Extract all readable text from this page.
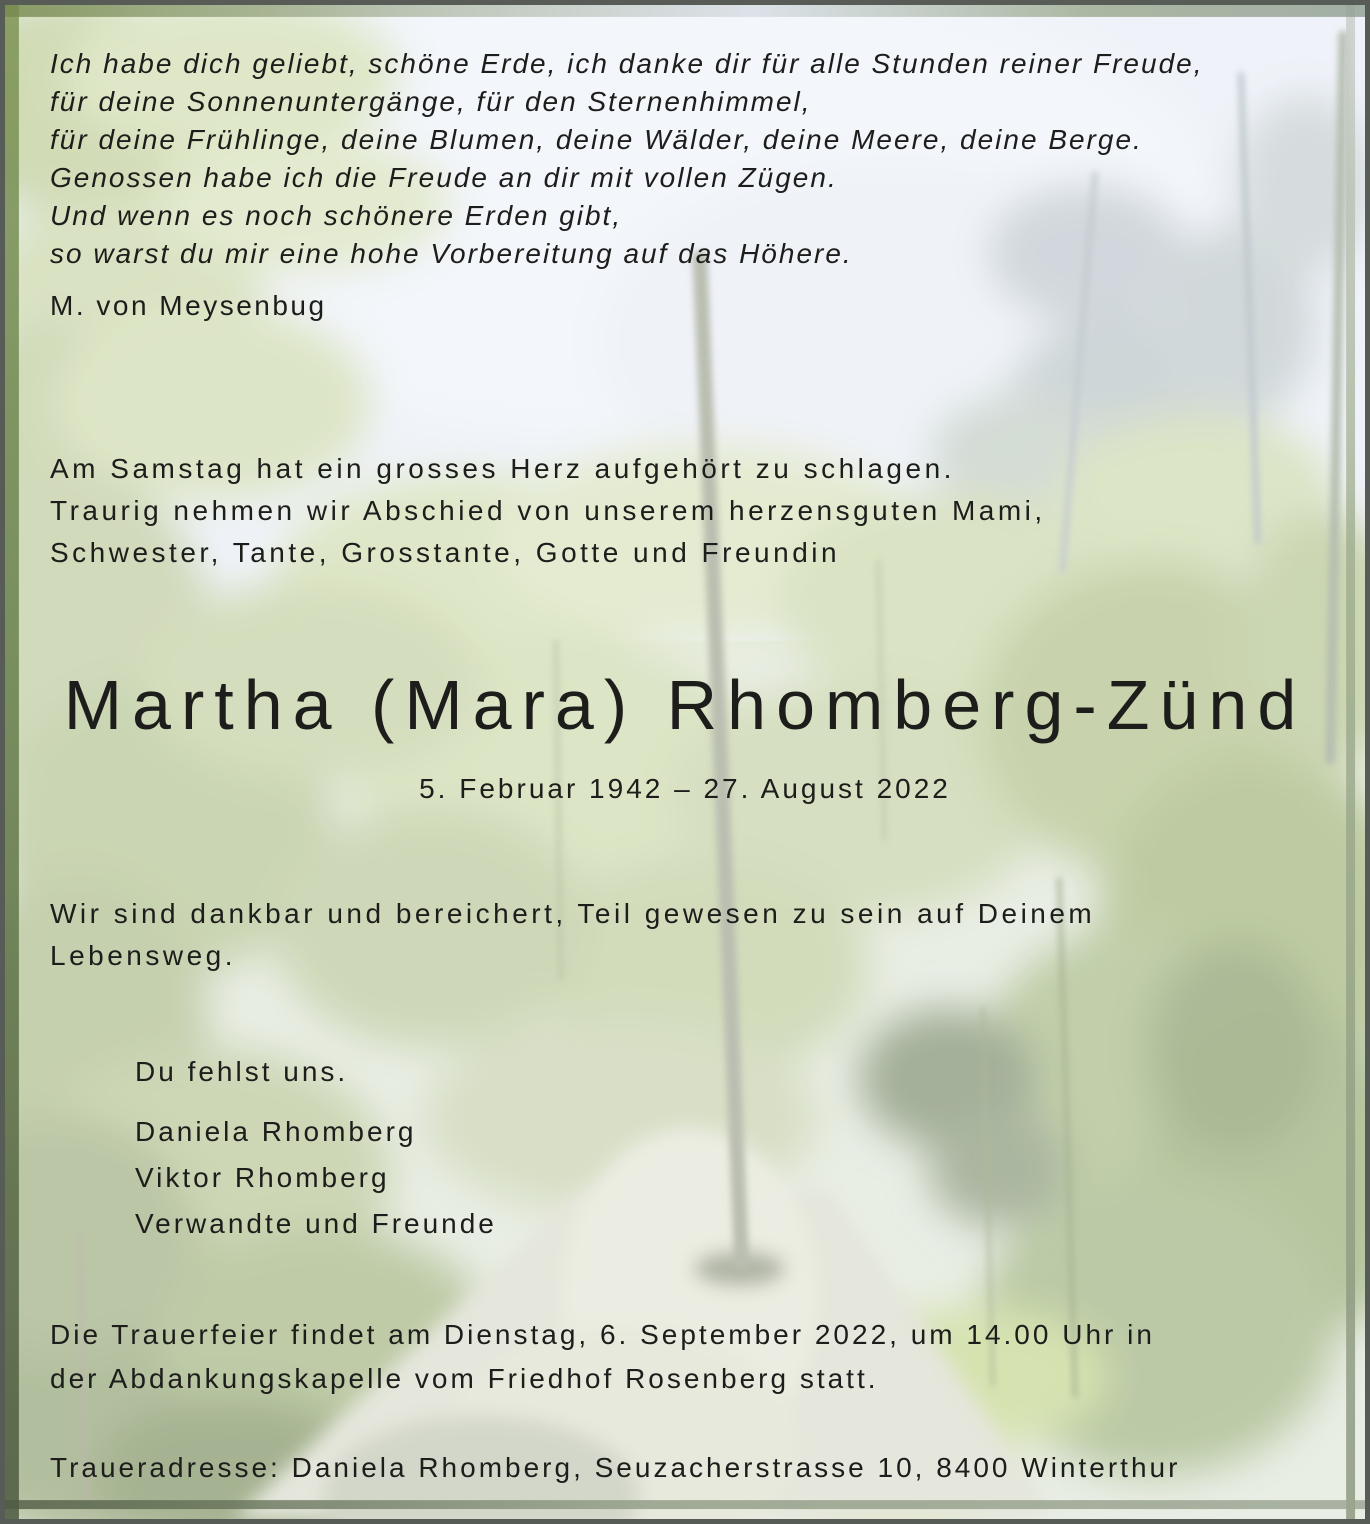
Ich habe dich geliebt, schöne Erde, ich danke dir für alle Stunden reiner Freude,
für deine Sonnenuntergänge, für den Sternenhimmel,
für deine Frühlinge, deine Blumen, deine Wälder, deine Meere, deine Berge.
Genossen habe ich die Freude an dir mit vollen Zügen.
Und wenn es noch schönere Erden gibt,
so warst du mir eine hohe Vorbereitung auf das Höhere.
M. von Meysenbug
Am Samstag hat ein grosses Herz aufgehört zu schlagen.
Traurig nehmen wir Abschied von unserem herzensguten Mami,
Schwester, Tante, Grosstante, Gotte und Freundin
Martha (Mara) Rhomberg-Zünd
5. Februar 1942 – 27. August 2022
Wir sind dankbar und bereichert, Teil gewesen zu sein auf Deinem
Lebensweg.
Du fehlst uns.
Daniela Rhomberg
Viktor Rhomberg
Verwandte und Freunde
Die Trauerfeier findet am Dienstag, 6. September 2022, um 14.00 Uhr in
der Abdankungskapelle vom Friedhof Rosenberg statt.
Traueradresse: Daniela Rhomberg, Seuzacherstrasse 10, 8400 Winterthur
